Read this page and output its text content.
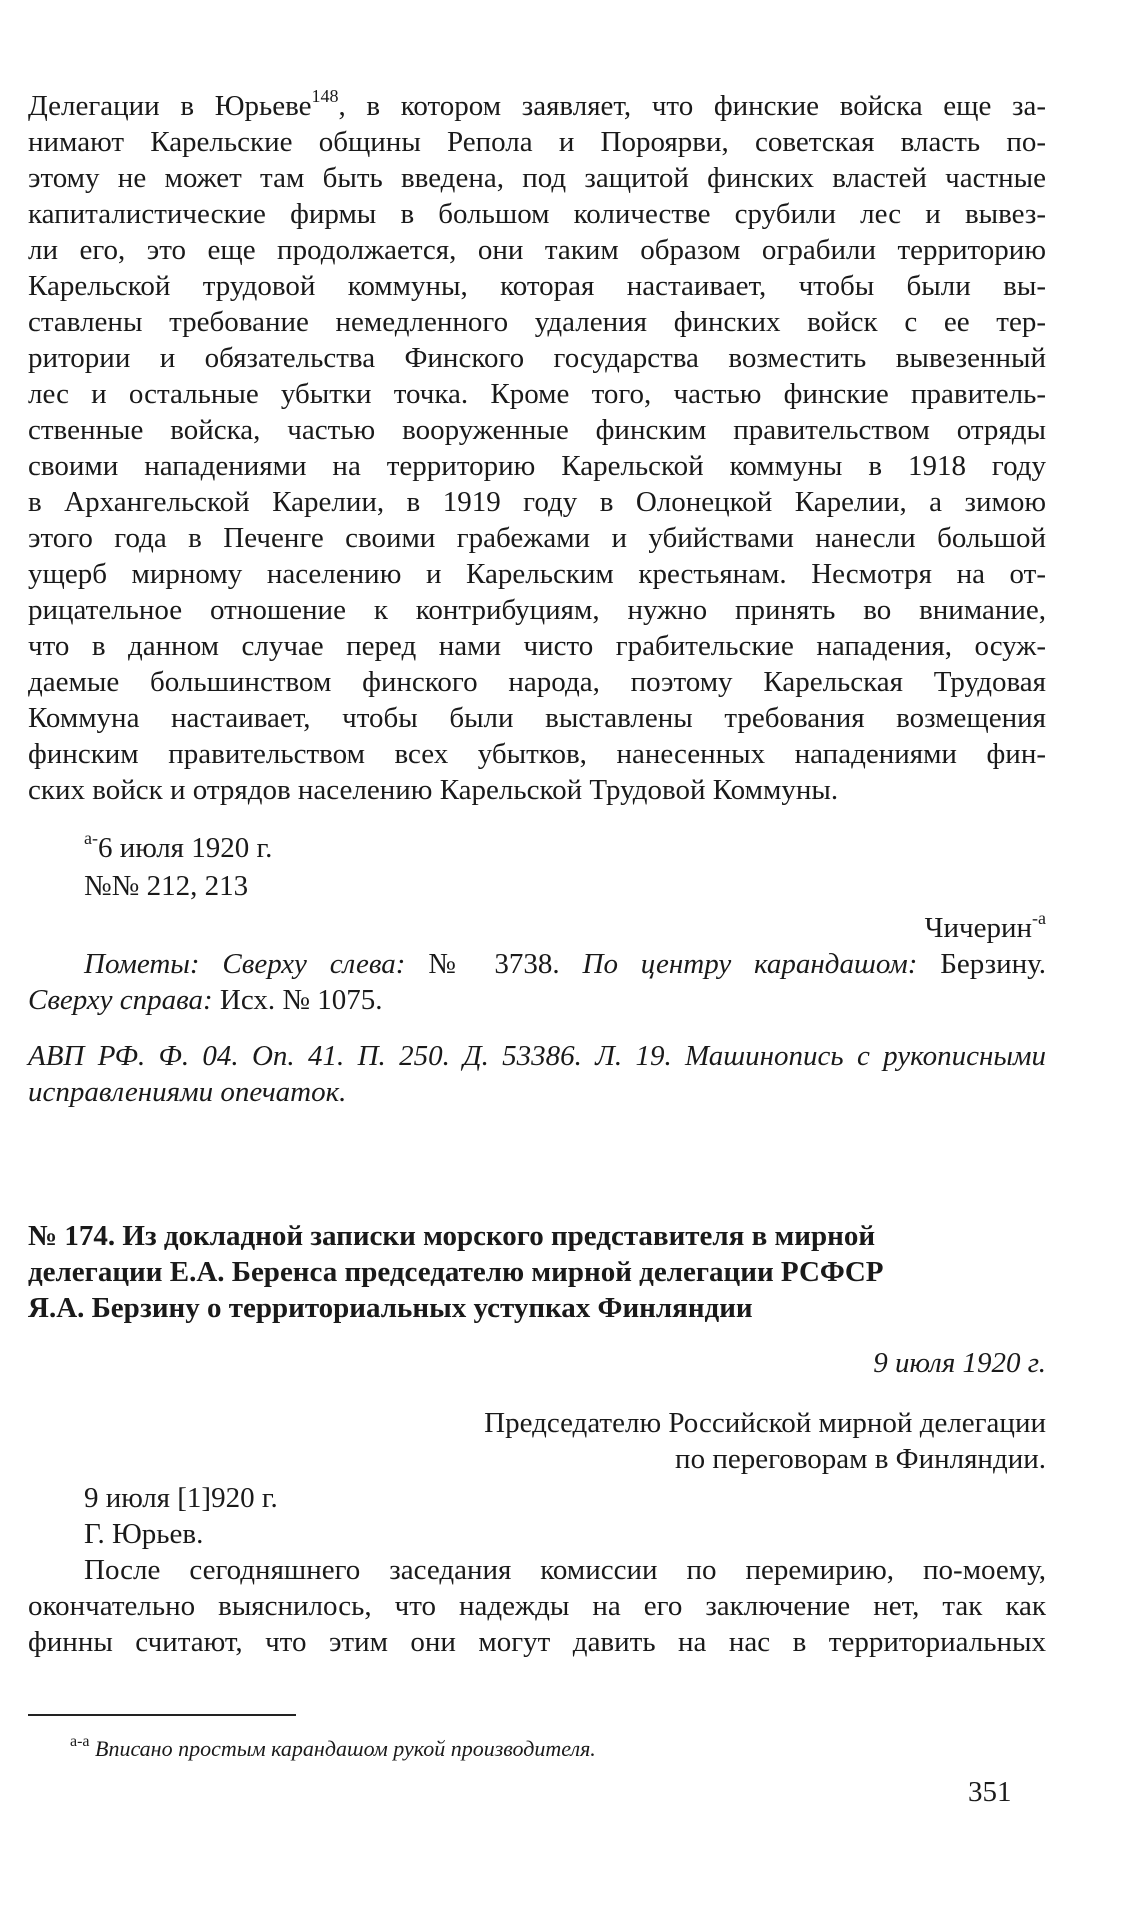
Делегации в Юрьеве$^{148}$, в котором заявляет, что финские войска еще за-
нимают Карельские общины Репола и Пороярви, советская власть по-
этому не может там быть введена, под защитой финских властей частные
капиталистические фирмы в большом количестве срубили лес и вывез-
ли его, это еще продолжается, они таким образом ограбили территорию
Карельской трудовой коммуны, которая настаивает, чтобы были вы-
ставлены требование немедленного удаления финских войск с ее тер-
ритории и обязательства Финского государства возместить вывезенный
лес и остальные убытки точка. Кроме того, частью финские правитель-
ственные войска, частью вооруженные финским правительством отряды
своими нападениями на территорию Карельской коммуны в 1918 году
в Архангельской Карелии, в 1919 году в Олонецкой Карелии, а зимою
этого года в Печенге своими грабежами и убийствами нанесли большой
ущерб мирному населению и Карельским крестьянам. Несмотря на от-
рицательное отношение к контрибуциям, нужно принять во внимание,
что в данном случае перед нами чисто грабительские нападения, осуж-
даемые большинством финского народа, поэтому Карельская Трудовая
Коммуна настаивает, чтобы были выставлены требования возмещения
финским правительством всех убытков, нанесенных нападениями фин-
ских войск и отрядов населению Карельской Трудовой Коммуны.
$^{а-}$6 июля 1920 г.
№№ 212, 213
Чичерин$^{-а}$
Пометы: Сверху слева: № 3738. По центру карандашом: Берзину.
Сверху справа: Исх. № 1075.
АВП РФ. Ф. 04. Оп. 41. П. 250. Д. 53386. Л. 19. Машинопись с рукописными
исправлениями опечаток.
№ 174. Из докладной записки морского представителя в мирной
делегации Е.А. Беренса председателю мирной делегации РСФСР
Я.А. Берзину о территориальных уступках Финляндии
9 июля 1920 г.
Председателю Российской мирной делегации
по переговорам в Финляндии.
9 июля [1]920 г.
Г. Юрьев.
После сегодняшнего заседания комиссии по перемирию, по-моему,
окончательно выяснилось, что надежды на его заключение нет, так как
финны считают, что этим они могут давить на нас в территориальных
$^{а-а}$ Вписано простым карандашом рукой производителя.
351
